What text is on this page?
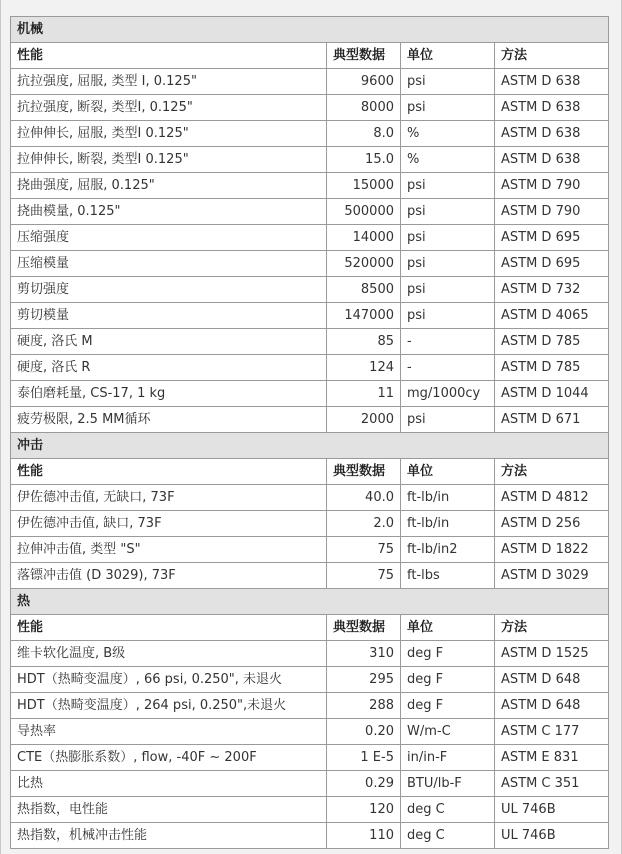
机械			
性能	典型数据	单位	方法
抗拉强度, 屈服, 类型 I, 0.125"	9600	psi	ASTM D 638
抗拉强度, 断裂, 类型I, 0.125"	8000	psi	ASTM D 638
拉伸伸长, 屈服, 类型I 0.125"	8.0	%	ASTM D 638
拉伸伸长, 断裂, 类型I 0.125"	15.0	%	ASTM D 638
挠曲强度, 屈服, 0.125"	15000	psi	ASTM D 790
挠曲模量, 0.125"	500000	psi	ASTM D 790
压缩强度	14000	psi	ASTM D 695
压缩模量	520000	psi	ASTM D 695
剪切强度	8500	psi	ASTM D 732
剪切模量	147000	psi	ASTM D 4065
硬度, 洛氏 M	85	-	ASTM D 785
硬度, 洛氏 R	124	-	ASTM D 785
泰伯磨耗量, CS-17, 1 kg	11	mg/1000cy	ASTM D 1044
疲劳极限, 2.5 MM循环	2000	psi	ASTM D 671
冲击			
性能	典型数据	单位	方法
伊佐德冲击值, 无缺口, 73F	40.0	ft-lb/in	ASTM D 4812
伊佐德冲击值, 缺口, 73F	2.0	ft-lb/in	ASTM D 256
拉伸冲击值, 类型 "S"	75	ft-lb/in2	ASTM D 1822
落镖冲击值 (D 3029), 73F	75	ft-lbs	ASTM D 3029
热			
性能	典型数据	单位	方法
维卡软化温度, B级	310	deg F	ASTM D 1525
HDT（热畸变温度）, 66 psi, 0.250", 未退火	295	deg F	ASTM D 648
HDT（热畸变温度）, 264 psi, 0.250",未退火	288	deg F	ASTM D 648
导热率	0.20	W/m-C	ASTM C 177
CTE（热膨胀系数）, flow, -40F ~ 200F	1 E-5	in/in-F	ASTM E 831
比热	0.29	BTU/lb-F	ASTM C 351
热指数，电性能	120	deg C	UL 746B
热指数，机械冲击性能	110	deg C	UL 746B
